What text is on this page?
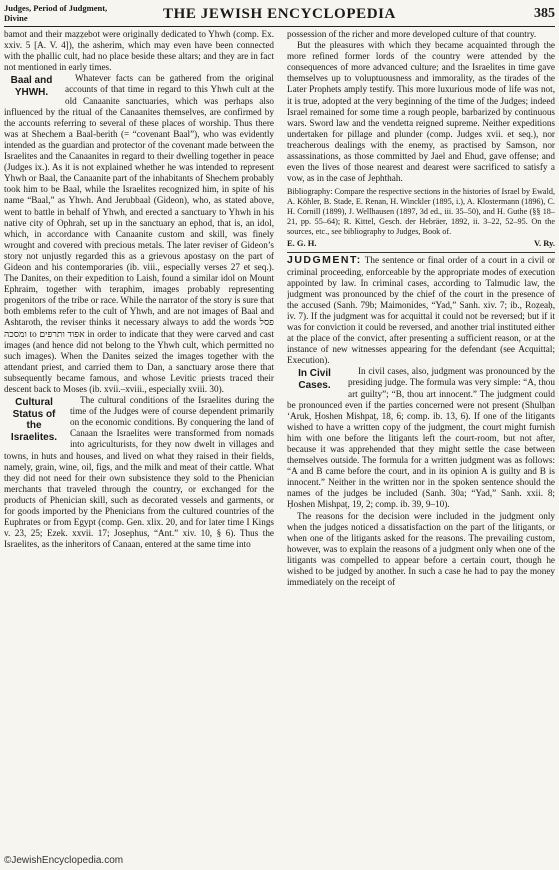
Judges, Period of Judgment, Divine	THE JEWISH ENCYCLOPEDIA	385

bamot and their maẓẓebot were originally dedicated to Yhwh (comp. Ex. xxiv. 5 [A. V. 4]), the asherim, which may even have been connected with the phallic cult, had no place beside these altars; and they are in fact not mentioned in early times.

Baal and YHWH.

Whatever facts can be gathered from the original accounts of that time in regard to this Yhwh cult at the old Canaanite sanctuaries, which was perhaps also influenced by the ritual of the Canaanites themselves, are confirmed by the accounts referring to several of these places of worship. Thus there was at Shechem a Baal-berith (= “covenant Baal”), who was evidently intended as the guardian and protector of the covenant made between the Israelites and the Canaanites in regard to their dwelling together in peace (Judges ix.). As it is not explained whether he was intended to represent Yhwh or Baal, the Canaanite part of the inhabitants of Shechem probably took him to be Baal, while the Israelites recognized him, in spite of his name “Baal,” as Yhwh. And Jerubbaal (Gideon), who, as stated above, went to battle in behalf of Yhwh, and erected a sanctuary to Yhwh in his native city of Ophrah, set up in the sanctuary an ephod, that is, an idol, which, in accordance with Canaanite custom and skill, was finely wrought and covered with precious metals. The later reviser of Gideon’s story not unjustly regarded this as a grievous apostasy on the part of Gideon and his contemporaries (ib. viii., especially verses 27 et seq.). The Danites, on their expedition to Laish, found a similar idol on Mount Ephraim, together with teraphim, images probably representing progenitors of the tribe or race. While the narrator of the story is sure that both emblems refer to the cult of Yhwh, and are not images of Baal and Ashtaroth, the reviser thinks it necessary always to add the words פסל ומסכה to אפוד ותרפים in order to indicate that they were carved and cast images (and hence did not belong to the Yhwh cult, which permitted no such images). When the Danites seized the images together with the attendant priest, and carried them to Dan, a sanctuary arose there that subsequently became famous, and whose Levitic priests traced their descent back to Moses (ib. xvii.–xviii., especially xviii. 30).

Cultural Status of the Israelites.

The cultural conditions of the Israelites during the time of the Judges were of course dependent primarily on the economic conditions. By conquering the land of Canaan the Israelites were transformed from nomads into agriculturists, for they now dwelt in villages and towns, in huts and houses, and lived on what they raised in their fields, namely, grain, wine, oil, figs, and the milk and meat of their cattle. What they did not need for their own subsistence they sold to the Phenician merchants that traveled through the country, or exchanged for the products of Phenician skill, such as decorated vessels and garments, or for goods imported by the Phenicians from the cultured countries of the Euphrates or from Egypt (comp. Gen. xlix. 20, and for later time I Kings v. 23, 25; Ezek. xxvii. 17; Josephus, “Ant.” xiv. 10, § 6). Thus the Israelites, as the inheritors of Canaan, entered at the same time into

possession of the richer and more developed culture of that country.

But the pleasures with which they became acquainted through the more refined former lords of the country were attended by the consequences of more advanced culture; and the Israelites in time gave themselves up to voluptuousness and immorality, as the tirades of the Later Prophets amply testify. This more luxurious mode of life was not, it is true, adopted at the very beginning of the time of the Judges; indeed Israel remained for some time a rough people, barbarized by continuous wars. Sword law and the vendetta reigned supreme. Neither expeditions undertaken for pillage and plunder (comp. Judges xvii. et seq.), nor treacherous dealings with the enemy, as practised by Samson, nor assassinations, as those committed by Jael and Ehud, gave offense; and even the lives of those nearest and dearest were sacrificed to satisfy a vow, as in the case of Jephthah.

Bibliography: Compare the respective sections in the histories of Israel by Ewald, A. Köhler, B. Stade, E. Renan, H. Winckler (1895, i.), A. Klostermann (1896), C. H. Cornill (1899), J. Wellhausen (1897, 3d ed., iii. 35–50), and H. Guthe (§§ 18–21, pp. 55–64); R. Kittel, Gesch. der Hebräer, 1892, ii. 3–22, 52–95. On the sources, etc., see bibliography to Judges, Book of.

E. G. H.	V. Ry.

JUDGMENT: The sentence or final order of a court in a civil or criminal proceeding, enforceable by the appropriate modes of execution appointed by law. In criminal cases, according to Talmudic law, the judgment was pronounced by the chief of the court in the presence of the accused (Sanh. 79b; Maimonides, “Yad,” Sanh. xiv. 7; ib., Roẓeaḥ, iv. 7). If the judgment was for acquittal it could not be reversed; but if it was for conviction it could be reversed, and another trial instituted either at the place of the convict, after presenting a sufficient reason, or at the instance of new witnesses appearing for the defendant (see Acquittal; Execution).

In Civil Cases.

In civil cases, also, judgment was pronounced by the presiding judge. The formula was very simple: “A, thou art guilty”; “B, thou art innocent.” The judgment could be pronounced even if the parties concerned were not present (Shulḥan ‘Aruk, Ḥoshen Mishpaṭ, 18, 6; comp. ib. 13, 6). If one of the litigants wished to have a written copy of the judgment, the court might furnish him with one before the litigants left the court-room, but not after, because it was apprehended that they might settle the case between themselves outside. The formula for a written judgment was as follows: “A and B came before the court, and in its opinion A is guilty and B is innocent.” Neither in the written nor in the spoken sentence should the names of the judges be included (Sanh. 30a; “Yad,” Sanh. xxii. 8; Ḥoshen Mishpaṭ, 19, 2; comp. ib. 39, 9–10).

The reasons for the decision were included in the judgment only when the judges noticed a dissatisfaction on the part of the litigants, or when one of the litigants asked for the reasons. The prevailing custom, however, was to explain the reasons of a judgment only when one of the litigants was compelled to appear before a certain court, though he wished to be judged by another. In such a case he had to pay the money immediately on the receipt of

©JewishEncyclopedia.com
